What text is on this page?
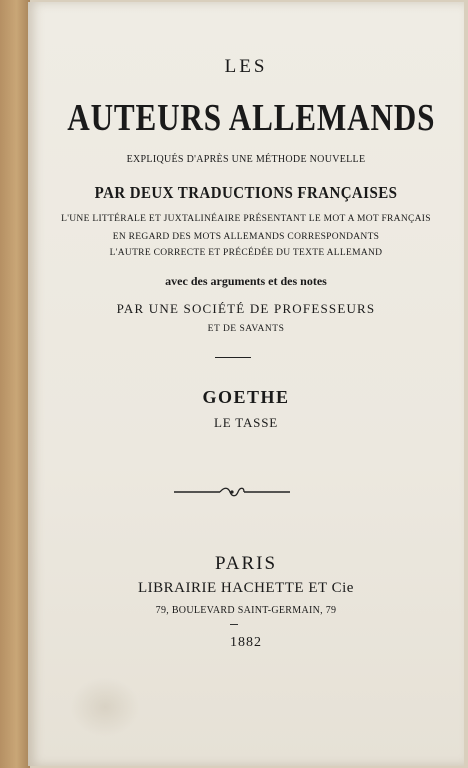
LES

AUTEURS ALLEMANDS

EXPLIQUÉS D'APRÈS UNE MÉTHODE NOUVELLE

PAR DEUX TRADUCTIONS FRANÇAISES

L'UNE LITTÉRALE ET JUXTALINÉAIRE PRÉSENTANT LE MOT A MOT FRANÇAIS

EN REGARD DES MOTS ALLEMANDS CORRESPONDANTS

L'AUTRE CORRECTE ET PRÉCÉDÉE DU TEXTE ALLEMAND

avec des arguments et des notes

PAR UNE SOCIÉTÉ DE PROFESSEURS

ET DE SAVANTS

GOETHE

LE TASSE

PARIS

LIBRAIRIE HACHETTE ET Cie

79, BOULEVARD SAINT-GERMAIN, 79

1882
